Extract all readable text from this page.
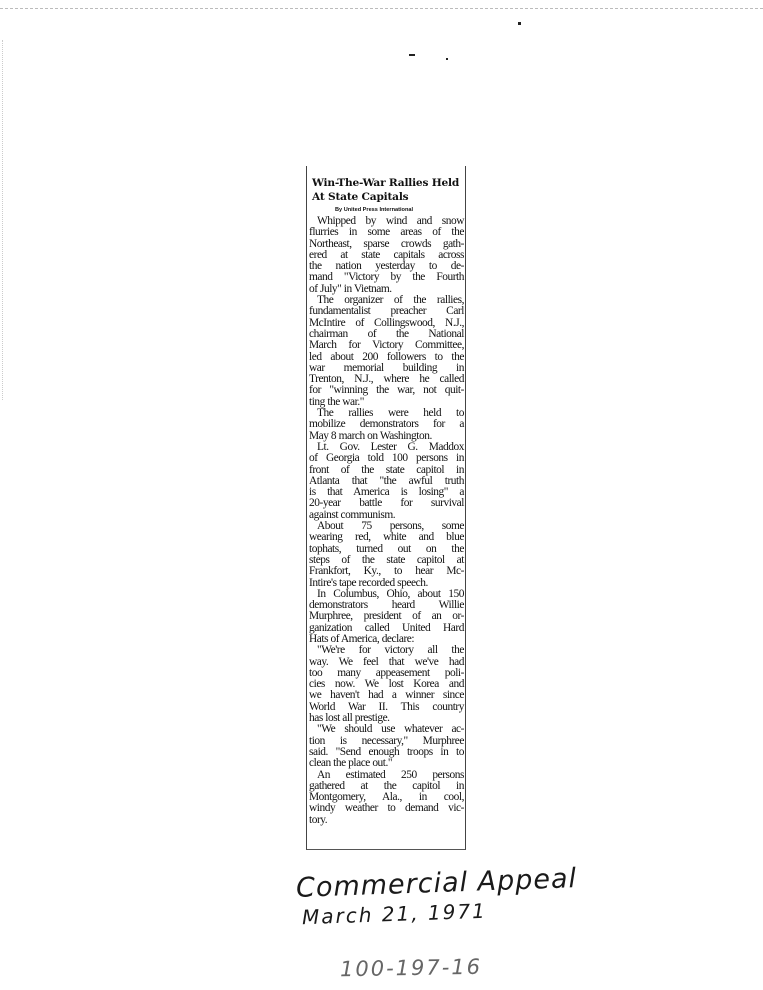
Win-The-War Rallies Held
At State Capitals
By United Press International
Whipped by wind and snow
flurries in some areas of the
Northeast, sparse crowds gath-
ered at state capitals across
the nation yesterday to de-
mand "Victory by the Fourth
of July" in Vietnam.
The organizer of the rallies,
fundamentalist preacher Carl
McIntire of Collingswood, N.J.,
chairman of the National
March for Victory Committee,
led about 200 followers to the
war memorial building in
Trenton, N.J., where he called
for "winning the war, not quit-
ting the war."
The rallies were held to
mobilize demonstrators for a
May 8 march on Washington.
Lt. Gov. Lester G. Maddox
of Georgia told 100 persons in
front of the state capitol in
Atlanta that "the awful truth
is that America is losing" a
20-year battle for survival
against communism.
About 75 persons, some
wearing red, white and blue
tophats, turned out on the
steps of the state capitol at
Frankfort, Ky., to hear Mc-
Intire's tape recorded speech.
In Columbus, Ohio, about 150
demonstrators heard Willie
Murphree, president of an or-
ganization called United Hard
Hats of America, declare:
"We're for victory all the
way. We feel that we've had
too many appeasement poli-
cies now. We lost Korea and
we haven't had a winner since
World War II. This country
has lost all prestige.
"We should use whatever ac-
tion is necessary," Murphree
said. "Send enough troops in to
clean the place out."
An estimated 250 persons
gathered at the capitol in
Montgomery, Ala., in cool,
windy weather to demand vic-
tory.
Commercial Appeal
March 21, 1971
100-197-16
